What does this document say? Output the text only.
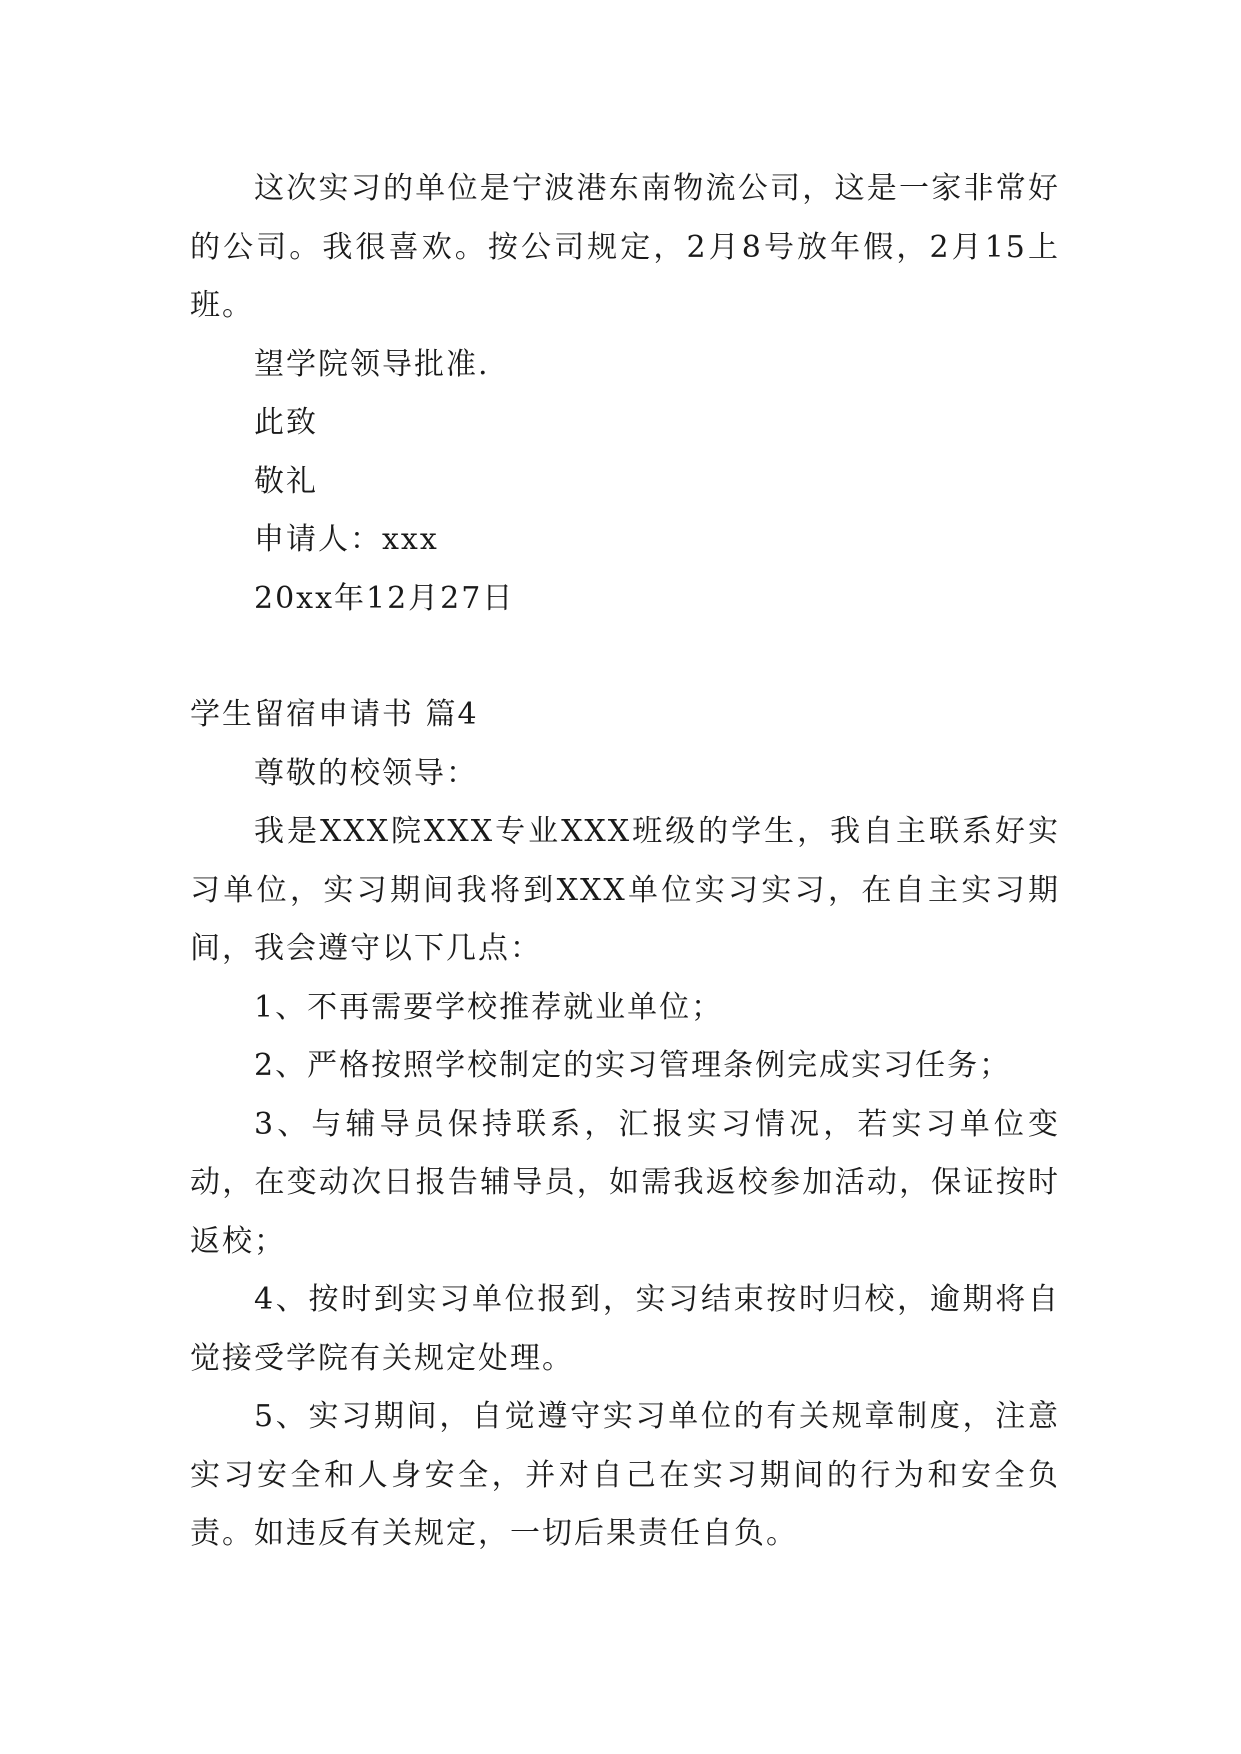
这次实习的单位是宁波港东南物流公司，这是一家非常好的公司。我很喜欢。按公司规定，2月8号放年假，2月15上班。

望学院领导批准.

此致

敬礼

申请人：xxx

20xx年12月27日

学生留宿申请书 篇4

尊敬的校领导：

我是XXX院XXX专业XXX班级的学生，我自主联系好实习单位，实习期间我将到XXX单位实习实习，在自主实习期间，我会遵守以下几点：

1、不再需要学校推荐就业单位；

2、严格按照学校制定的实习管理条例完成实习任务；

3、与辅导员保持联系，汇报实习情况，若实习单位变动，在变动次日报告辅导员，如需我返校参加活动，保证按时返校；

4、按时到实习单位报到，实习结束按时归校，逾期将自觉接受学院有关规定处理。

5、实习期间，自觉遵守实习单位的有关规章制度，注意实习安全和人身安全，并对自己在实习期间的行为和安全负责。如违反有关规定，一切后果责任自负。
